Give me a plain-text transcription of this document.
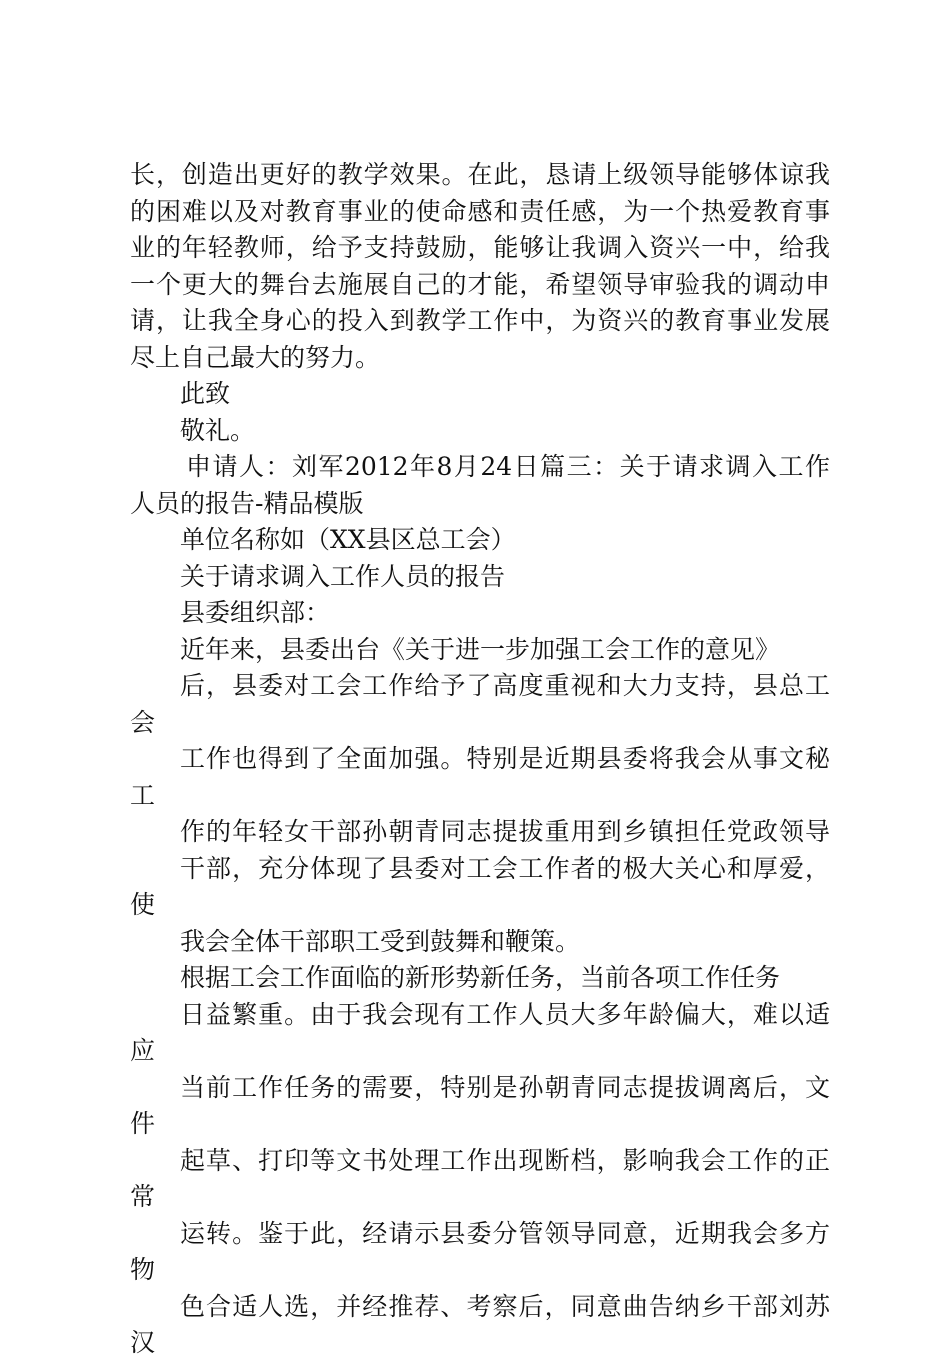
长，创造出更好的教学效果。在此，恳请上级领导能够体谅我
的困难以及对教育事业的使命感和责任感，为一个热爱教育事
业的年轻教师，给予支持鼓励，能够让我调入资兴一中，给我
一个更大的舞台去施展自己的才能，希望领导审验我的调动申
请，让我全身心的投入到教学工作中，为资兴的教育事业发展
尽上自己最大的努力。
此致
敬礼。
申请人：刘军2012年8月24日篇三：关于请求调入工作
人员的报告-精品模版
单位名称如（XX县区总工会）
关于请求调入工作人员的报告
县委组织部：
近年来，县委出台《关于进一步加强工会工作的意见》
后，县委对工会工作给予了高度重视和大力支持，县总工
会
工作也得到了全面加强。特别是近期县委将我会从事文秘
工
作的年轻女干部孙朝青同志提拔重用到乡镇担任党政领导
干部，充分体现了县委对工会工作者的极大关心和厚爱，
使
我会全体干部职工受到鼓舞和鞭策。
根据工会工作面临的新形势新任务，当前各项工作任务
日益繁重。由于我会现有工作人员大多年龄偏大，难以适
应
当前工作任务的需要，特别是孙朝青同志提拔调离后，文
件
起草、打印等文书处理工作出现断档，影响我会工作的正
常
运转。鉴于此，经请示县委分管领导同意，近期我会多方
物
色合适人选，并经推荐、考察后，同意曲告纳乡干部刘苏
汉
